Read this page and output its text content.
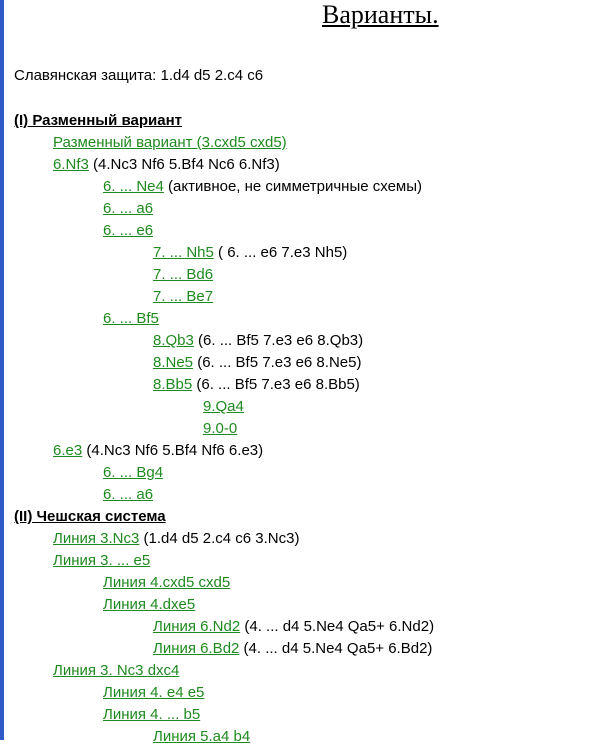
Варианты.
Славянская защита: 1.d4 d5 2.c4 c6
(I) Разменный вариант
Разменный вариант (3.cxd5 cxd5)
6.Nf3 (4.Nc3 Nf6 5.Bf4 Nc6 6.Nf3)
6. ... Ne4 (активное, не симметричные схемы)
6. ... a6
6. ... e6
7. ... Nh5 ( 6. ... e6 7.e3 Nh5)
7. ... Bd6
7. ... Be7
6. ... Bf5
8.Qb3 (6. ... Bf5 7.e3 e6 8.Qb3)
8.Ne5 (6. ... Bf5 7.e3 e6 8.Ne5)
8.Bb5 (6. ... Bf5 7.e3 e6 8.Bb5)
9.Qa4
9.0-0
6.e3 (4.Nc3 Nf6 5.Bf4 Nf6 6.e3)
6. ... Bg4
6. ... a6
(II) Чешская система
Линия 3.Nc3 (1.d4 d5 2.c4 c6 3.Nc3)
Линия 3. ... e5
Линия 4.cxd5 cxd5
Линия 4.dxe5
Линия 6.Nd2 (4. ... d4 5.Ne4 Qa5+ 6.Nd2)
Линия 6.Bd2 (4. ... d4 5.Ne4 Qa5+ 6.Bd2)
Линия 3. Nc3 dxc4
Линия 4. e4 e5
Линия 4. ... b5
Линия 5.a4 b4
